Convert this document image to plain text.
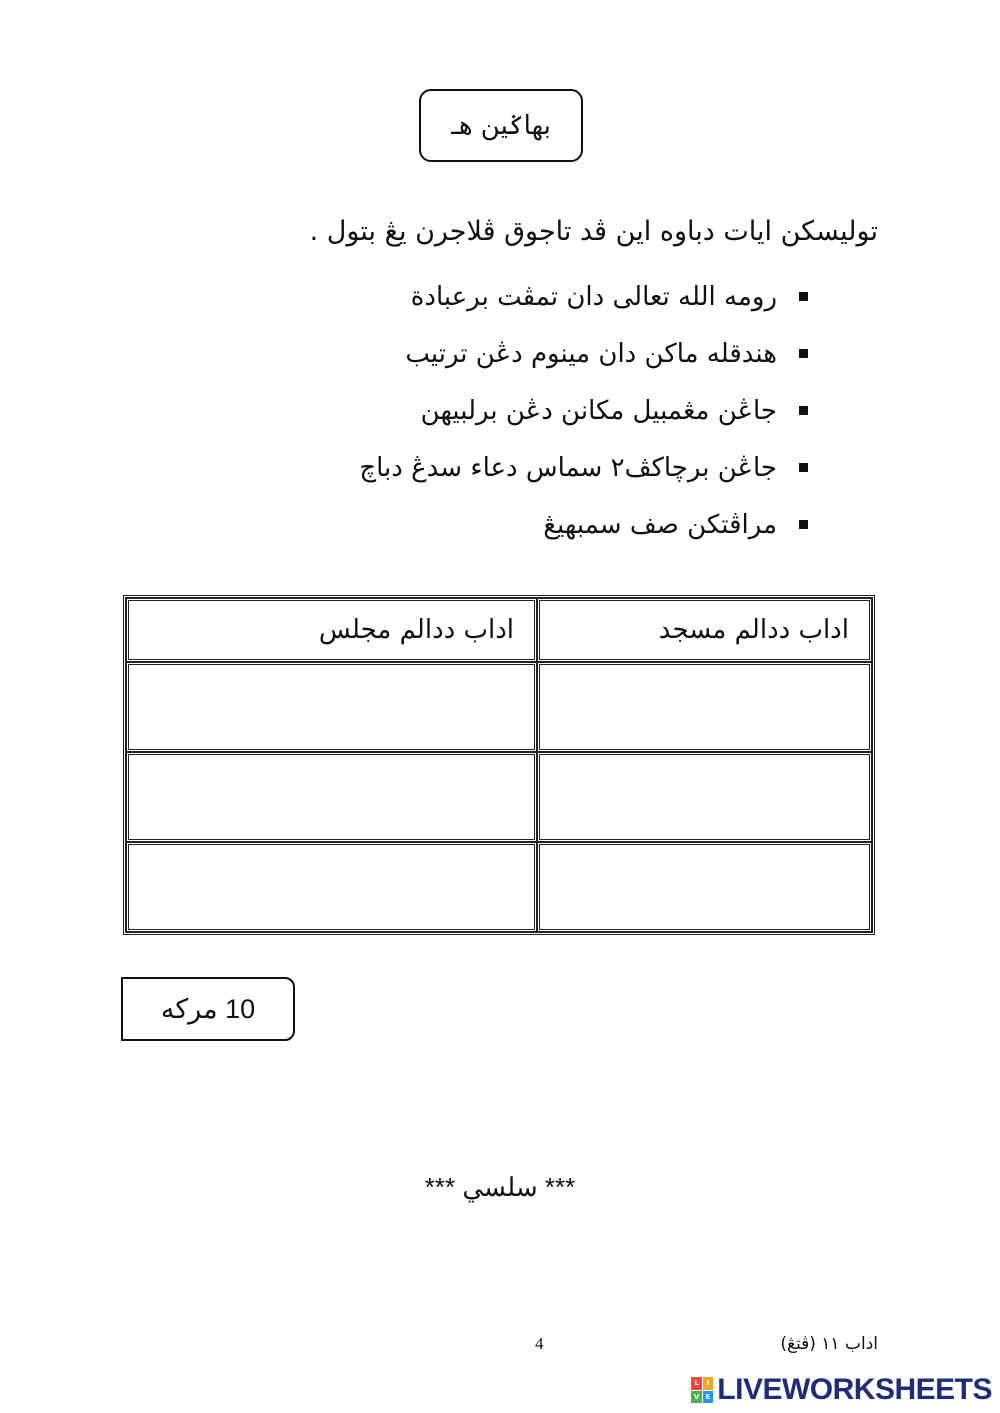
بهاݢين هـ
توليسکن ايات دباوه اين ڤد تاجوق ڤلاجرن يڠ بتول .
رومه الله تعالى دان تمڤت برعبادة
هندقله ماکن دان مينوم دڠن ترتيب
جاڠن مڠمبيل مکانن دڠن برلبيهن
جاڠن برچاکڤ٢ سماس دعاء سدڠ دباچ
مراڤتکن صف سمبهيڠ
اداب ددالم مسجد	اداب ددالم مجلس

10 مرکه
*** سلسي ***
4	اداب ١١ (ڤتڠ)
L	I
V E LIVEWORKSHEETS
